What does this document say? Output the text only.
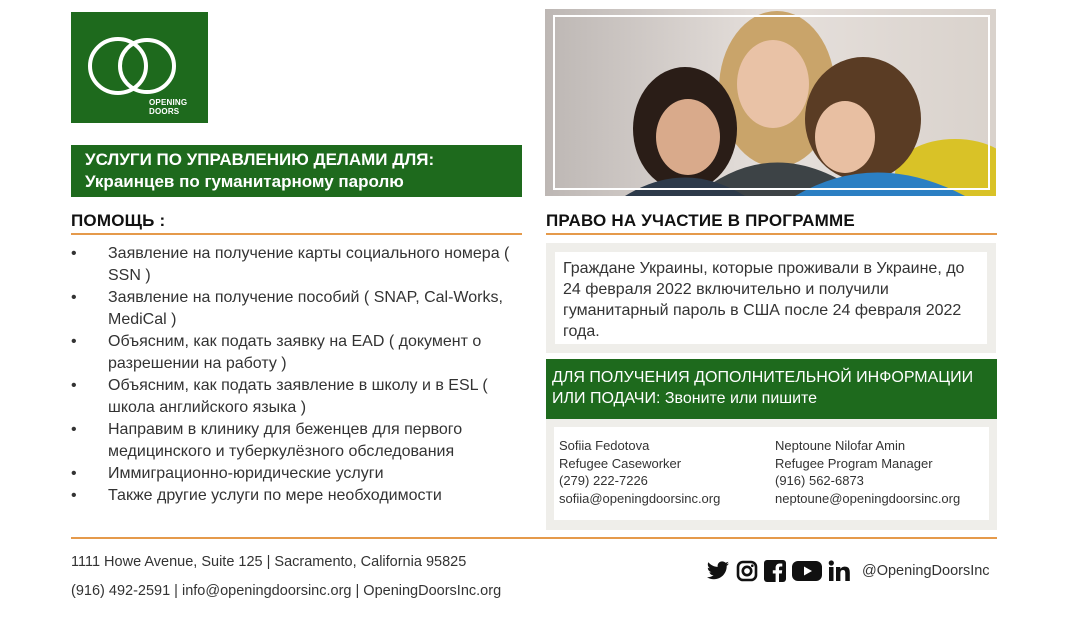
OPENING
DOORS
УСЛУГИ ПО УПРАВЛЕНИЮ ДЕЛАМИ ДЛЯ:
Украинцев по гуманитарному паролю
ПОМОЩЬ :
• Заявление на получение карты социального номера ( SSN )
• Заявление на получение пособий ( SNAP, Cal-Works, MediCal )
• Объясним, как подать заявку на EAD ( документ о разрешении на работу )
• Объясним, как подать заявление в школу и в ESL ( школа английского языка )
• Направим в клинику для беженцев для первого медицинского и туберкулёзного обследования
• Иммиграционно-юридические услуги
• Также другие услуги по мере необходимости
ПРАВО НА УЧАСТИЕ В ПРОГРАММЕ
Граждане Украины, которые проживали в Украине, до 24 февраля 2022 включительно и получили гуманитарный пароль в США после 24 февраля 2022 года.
ДЛЯ ПОЛУЧЕНИЯ ДОПОЛНИТЕЛЬНОЙ ИНФОРМАЦИИ ИЛИ ПОДАЧИ: Звоните или пишите
Sofiia Fedotova
Refugee Caseworker
(279) 222-7226
sofiia@openingdoorsinc.org
Neptoune Nilofar Amin
Refugee Program Manager
(916) 562-6873
neptoune@openingdoorsinc.org
1111 Howe Avenue, Suite 125 | Sacramento, California 95825
(916) 492-2591 | info@openingdoorsinc.org | OpeningDoorsInc.org
@OpeningDoorsInc
